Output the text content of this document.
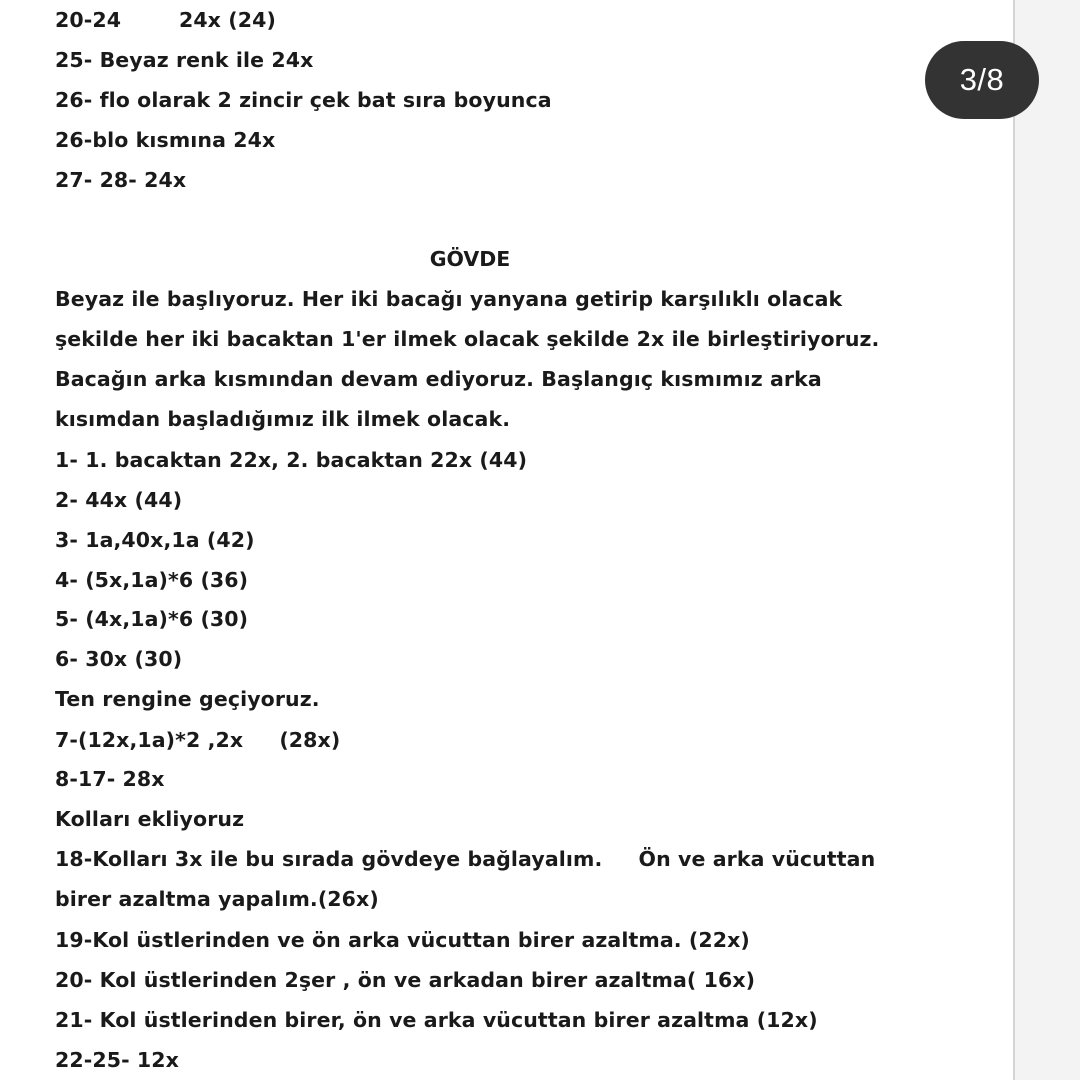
20-24        24x (24)

25- Beyaz renk ile 24x

26- flo olarak 2 zincir çek bat sıra boyunca

26-blo kısmına 24x

27- 28- 24x

GÖVDE

Beyaz ile başlıyoruz. Her iki bacağı yanyana getirip karşılıklı olacak

şekilde her iki bacaktan 1'er ilmek olacak şekilde 2x ile birleştiriyoruz.

Bacağın arka kısmından devam ediyoruz. Başlangıç kısmımız arka

kısımdan başladığımız ilk ilmek olacak.

1- 1. bacaktan 22x, 2. bacaktan 22x (44)

2- 44x (44)

3- 1a,40x,1a (42)

4- (5x,1a)*6 (36)

5- (4x,1a)*6 (30)

6- 30x (30)

Ten rengine geçiyoruz.

7-(12x,1a)*2 ,2x     (28x)

8-17- 28x

Kolları ekliyoruz

18-Kolları 3x ile bu sırada gövdeye bağlayalım.     Ön ve arka vücuttan

birer azaltma yapalım.(26x)

19-Kol üstlerinden ve ön arka vücuttan birer azaltma. (22x)

20- Kol üstlerinden 2şer , ön ve arkadan birer azaltma( 16x)

21- Kol üstlerinden birer, ön ve arka vücuttan birer azaltma (12x)

22-25- 12x

3/8
